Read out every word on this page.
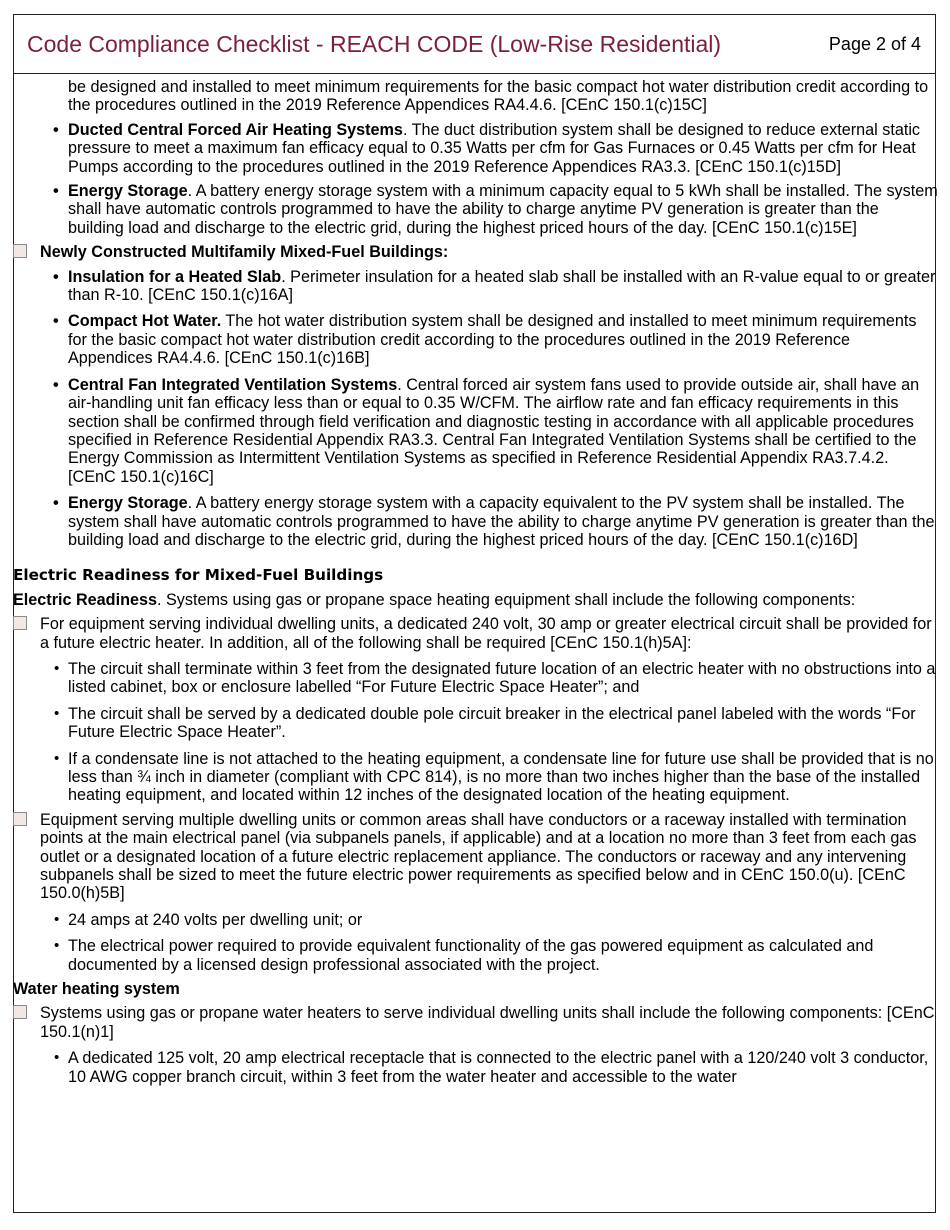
Code Compliance Checklist - REACH CODE (Low-Rise Residential)	Page 2 of 4

be designed and installed to meet minimum requirements for the basic compact hot water distribution credit according to the procedures outlined in the 2019 Reference Appendices RA4.4.6. [CEnC 150.1(c)15C]

• Ducted Central Forced Air Heating Systems. The duct distribution system shall be designed to reduce external static pressure to meet a maximum fan efficacy equal to 0.35 Watts per cfm for Gas Furnaces or 0.45 Watts per cfm for Heat Pumps according to the procedures outlined in the 2019 Reference Appendices RA3.3. [CEnC 150.1(c)15D]
• Energy Storage. A battery energy storage system with a minimum capacity equal to 5 kWh shall be installed. The system shall have automatic controls programmed to have the ability to charge anytime PV generation is greater than the building load and discharge to the electric grid, during the highest priced hours of the day. [CEnC 150.1(c)15E]
Newly Constructed Multifamily Mixed-Fuel Buildings:
• Insulation for a Heated Slab. Perimeter insulation for a heated slab shall be installed with an R-value equal to or greater than R-10. [CEnC 150.1(c)16A]
• Compact Hot Water. The hot water distribution system shall be designed and installed to meet minimum requirements for the basic compact hot water distribution credit according to the procedures outlined in the 2019 Reference Appendices RA4.4.6. [CEnC 150.1(c)16B]
• Central Fan Integrated Ventilation Systems. Central forced air system fans used to provide outside air, shall have an air-handling unit fan efficacy less than or equal to 0.35 W/CFM. The airflow rate and fan efficacy requirements in this section shall be confirmed through field verification and diagnostic testing in accordance with all applicable procedures specified in Reference Residential Appendix RA3.3. Central Fan Integrated Ventilation Systems shall be certified to the Energy Commission as Intermittent Ventilation Systems as specified in Reference Residential Appendix RA3.7.4.2. [CEnC 150.1(c)16C]
• Energy Storage. A battery energy storage system with a capacity equivalent to the PV system shall be installed. The system shall have automatic controls programmed to have the ability to charge anytime PV generation is greater than the building load and discharge to the electric grid, during the highest priced hours of the day. [CEnC 150.1(c)16D]
Electric Readiness for Mixed-Fuel Buildings

Electric Readiness. Systems using gas or propane space heating equipment shall include the following components:

For equipment serving individual dwelling units, a dedicated 240 volt, 30 amp or greater electrical circuit shall be provided for a future electric heater. In addition, all of the following shall be required [CEnC 150.1(h)5A]:
• The circuit shall terminate within 3 feet from the designated future location of an electric heater with no obstructions into a listed cabinet, box or enclosure labelled “For Future Electric Space Heater”; and
• The circuit shall be served by a dedicated double pole circuit breaker in the electrical panel labeled with the words “For Future Electric Space Heater”.
• If a condensate line is not attached to the heating equipment, a condensate line for future use shall be provided that is no less than ¾ inch in diameter (compliant with CPC 814), is no more than two inches higher than the base of the installed heating equipment, and located within 12 inches of the designated location of the heating equipment.
Equipment serving multiple dwelling units or common areas shall have conductors or a raceway installed with termination points at the main electrical panel (via subpanels panels, if applicable) and at a location no more than 3 feet from each gas outlet or a designated location of a future electric replacement appliance. The conductors or raceway and any intervening subpanels shall be sized to meet the future electric power requirements as specified below and in CEnC 150.0(u). [CEnC 150.0(h)5B]
• 24 amps at 240 volts per dwelling unit; or
• The electrical power required to provide equivalent functionality of the gas powered equipment as calculated and documented by a licensed design professional associated with the project.
Water heating system
Systems using gas or propane water heaters to serve individual dwelling units shall include the following components: [CEnC 150.1(n)1]
• A dedicated 125 volt, 20 amp electrical receptacle that is connected to the electric panel with a 120/240 volt 3 conductor, 10 AWG copper branch circuit, within 3 feet from the water heater and accessible to the water
